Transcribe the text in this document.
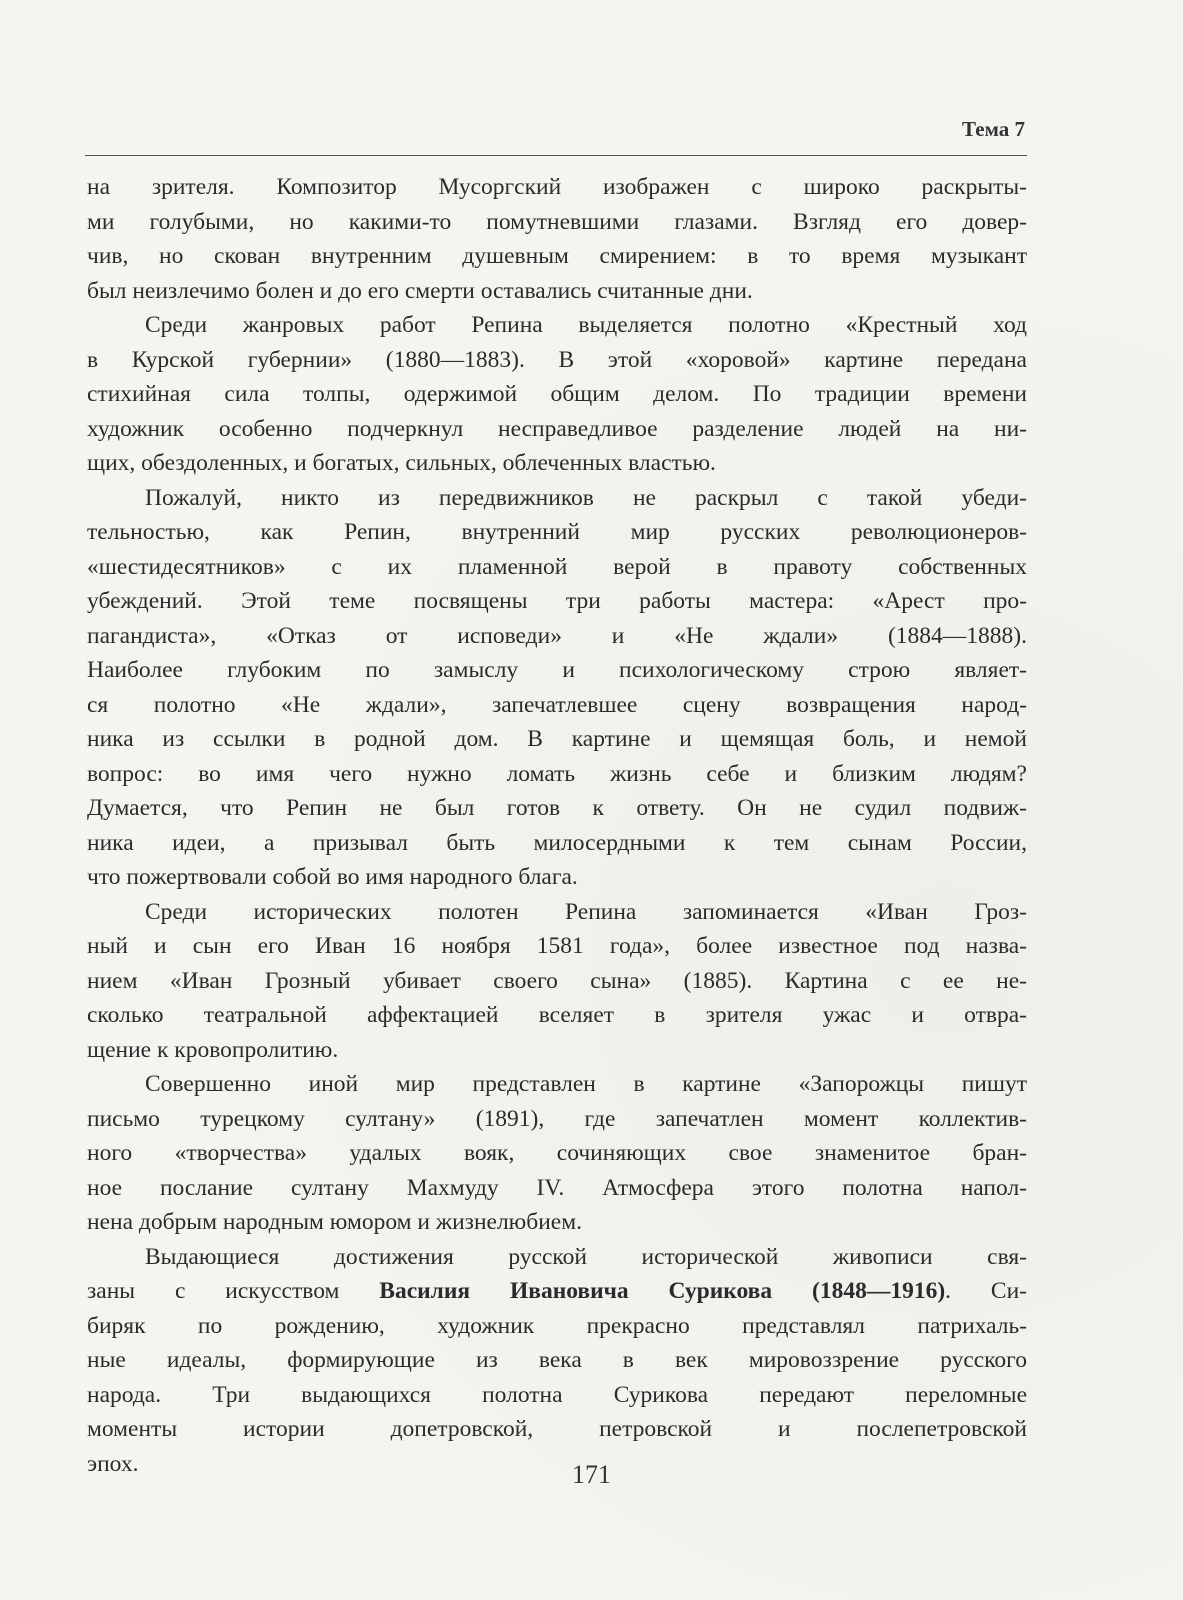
Тема 7

на зрителя. Композитор Мусоргский изображен с широко раскрыты-
ми голубыми, но какими-то помутневшими глазами. Взгляд его довер-
чив, но скован внутренним душевным смирением: в то время музыкант
был неизлечимо болен и до его смерти оставались считанные дни.

Среди жанровых работ Репина выделяется полотно «Крестный ход
в Курской губернии» (1880—1883). В этой «хоровой» картине передана
стихийная сила толпы, одержимой общим делом. По традиции времени
художник особенно подчеркнул несправедливое разделение людей на ни-
щих, обездоленных, и богатых, сильных, облеченных властью.

Пожалуй, никто из передвижников не раскрыл с такой убеди-
тельностью, как Репин, внутренний мир русских революционеров-
«шестидесятников» с их пламенной верой в правоту собственных
убеждений. Этой теме посвящены три работы мастера: «Арест про-
пагандиста», «Отказ от исповеди» и «Не ждали» (1884—1888).
Наиболее глубоким по замыслу и психологическому строю являет-
ся полотно «Не ждали», запечатлевшее сцену возвращения народ-
ника из ссылки в родной дом. В картине и щемящая боль, и немой
вопрос: во имя чего нужно ломать жизнь себе и близким людям?
Думается, что Репин не был готов к ответу. Он не судил подвиж-
ника идеи, а призывал быть милосердными к тем сынам России,
что пожертвовали собой во имя народного блага.

Среди исторических полотен Репина запоминается «Иван Гроз-
ный и сын его Иван 16 ноября 1581 года», более известное под назва-
нием «Иван Грозный убивает своего сына» (1885). Картина с ее не-
сколько театральной аффектацией вселяет в зрителя ужас и отвра-
щение к кровопролитию.

Совершенно иной мир представлен в картине «Запорожцы пишут
письмо турецкому султану» (1891), где запечатлен момент коллектив-
ного «творчества» удалых вояк, сочиняющих свое знаменитое бран-
ное послание султану Махмуду IV. Атмосфера этого полотна напол-
нена добрым народным юмором и жизнелюбием.

Выдающиеся достижения русской исторической живописи свя-
заны с искусством Василия Ивановича Сурикова (1848—1916). Си-
биряк по рождению, художник прекрасно представлял патрихаль-
ные идеалы, формирующие из века в век мировоззрение русского
народа. Три выдающихся полотна Сурикова передают переломные
моменты истории допетровской, петровской и послепетровской
эпох.	171
